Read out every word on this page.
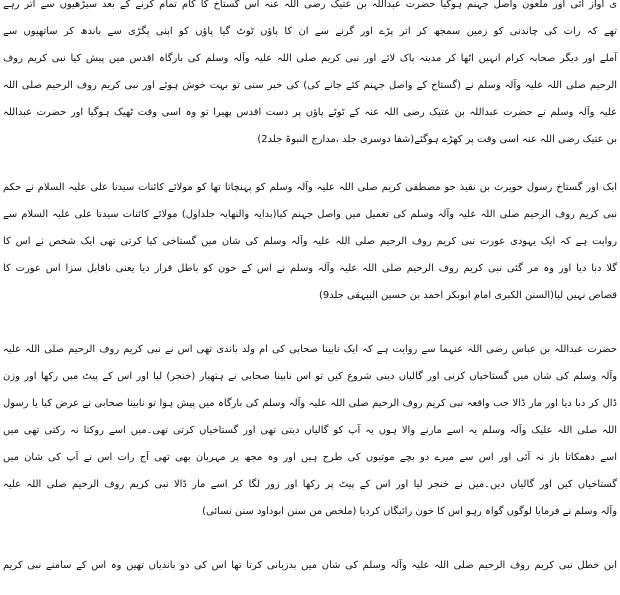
ی آواز آئی اور ملعون واصل جہنم ہوگیا حضرت عبداللہ بن عتیک رضی اللہ عنہ اس گستاخ کا کام تمام کرنے کے بعد سیڑھیوں سے اتر رہے
تھے کہ رات کی چاندنی کو زمین سمجھ کر اتر پڑے اور گرنے سے ان کا پاؤں ٹوٹ گیا پاؤں کو اپنی پگڑی سے باندھ کر ساتھیوں سے
آملے اور دیگر صحابہ کرام انہیں اٹھا کر مدینہ پاک لائے اور نبی کریم صلی اللہ علیہ وآلہ وسلم کی بارگاہ اقدس میں پیش کیا نبی کریم روف
الرحیم صلی اللہ علیہ وآلہ وسلم نے (گستاخ کے واصل جہنم کئے جانے کی) کی خبر سنی تو بہت خوش ہوئے اور نبی کریم روف الرحیم صلی اللہ
علیہ وآلہ وسلم نے حضرت عبداللہ بن عتیک رضی اللہ عنہ کے ٹوٹے پاؤں پر دست اقدس پھیرا تو وہ اسی وقت ٹھیک ہوگیا اور حضرت عبداللہ
بن عتیک رضی اللہ عنہ اسی وقت پر کھڑے ہوگئے(شفا دوسری جلد ،مدارج النبوۃ جلد2)
ایک اور گستاخ رسول حویرث بن نقیذ جو مصطفی کریم صلی اللہ علیہ وآلہ وسلم کو پہنچاتا تھا کو مولائے کائنات سیدنا علی علیہ السلام نے حکم
نبی کریم روف الرحیم صلی اللہ علیہ وآلہ وسلم کی تعمیل میں واصل جہنم کیا(بدایہ والنھایہ جلداول) مولائے کائنات سیدنا علی علیہ السلام سے
روایت ہے کہ ایک یہودی عورت نبی کریم روف الرحیم صلی اللہ علیہ وآلہ وسلم کی شان میں گستاخی کیا کرتی تھی ایک شخص نے اس کا
گلا دبا دیا اور وہ مر گئی نبی کریم روف الرحیم صلی اللہ علیہ وآلہ وسلم نے اس کے خون کو باطل قرار دیا یعنی ناقابل سزا اس عورت کا
قصاص نہیں لیا(السنن الکبری امام ابوبکر احمد بن حسین البیہقی جلد9)
حضرت عبداللہ بن عباس رضی اللہ عنہما سے روایت ہے کہ ایک نابینا صحابی کی ام ولد باندی تھی اس نے نبی کریم روف الرحیم صلی اللہ علیہ
وآلہ وسلم کی شان میں گستاخیاں کرنی اور گالیاں دینی شروع کیں تو اس نابینا صحابی نے ہتھیار (خنجر) لیا اور اس کے پیٹ میں رکھا اور وزن
ڈال کر دبا دیا اور مار ڈالا جب واقعہ نبی کریم روف الرحیم صلی اللہ علیہ وآلہ وسلم کی بارگاہ میں پیش ہوا تو نابینا صحابی نے عرض کیا یا رسول
اللہ صلی اللہ علیک وآلہ وسلم یہ اسے مارنے والا ہوں یہ آپ کو گالیاں دیتی تھی اور گستاخیاں کرتی تھی۔میں اسے روکتا نہ رکتی تھی میں
اسے دھمکاتا باز نہ آئی اور اس سے میرے دو بچے موتیوں کی طرح ہیں اور وہ مجھ پر مہربان بھی تھی آج رات اس نے آپ کی شان میں
گستاخیاں کیں اور گالیاں دیں۔میں نے خنجر لیا اور اس کے پیٹ پر رکھا اور زور لگا کر اسے مار ڈالا نبی کریم روف الرحیم صلی اللہ علیہ
وآلہ وسلم نے فرمایا لوگوں گواہ رہو اس کا خون رائیگاں کردیا (ملخص من سنن ابوداود سنن نسائی)
ابن خطل نبی کریم روف الرحیم صلی اللہ علیہ وآلہ وسلم کی شان میں بدزبانی کرتا تھا اس کی دو باندیاں تھیں وہ اس کے سامنے نبی کریم
